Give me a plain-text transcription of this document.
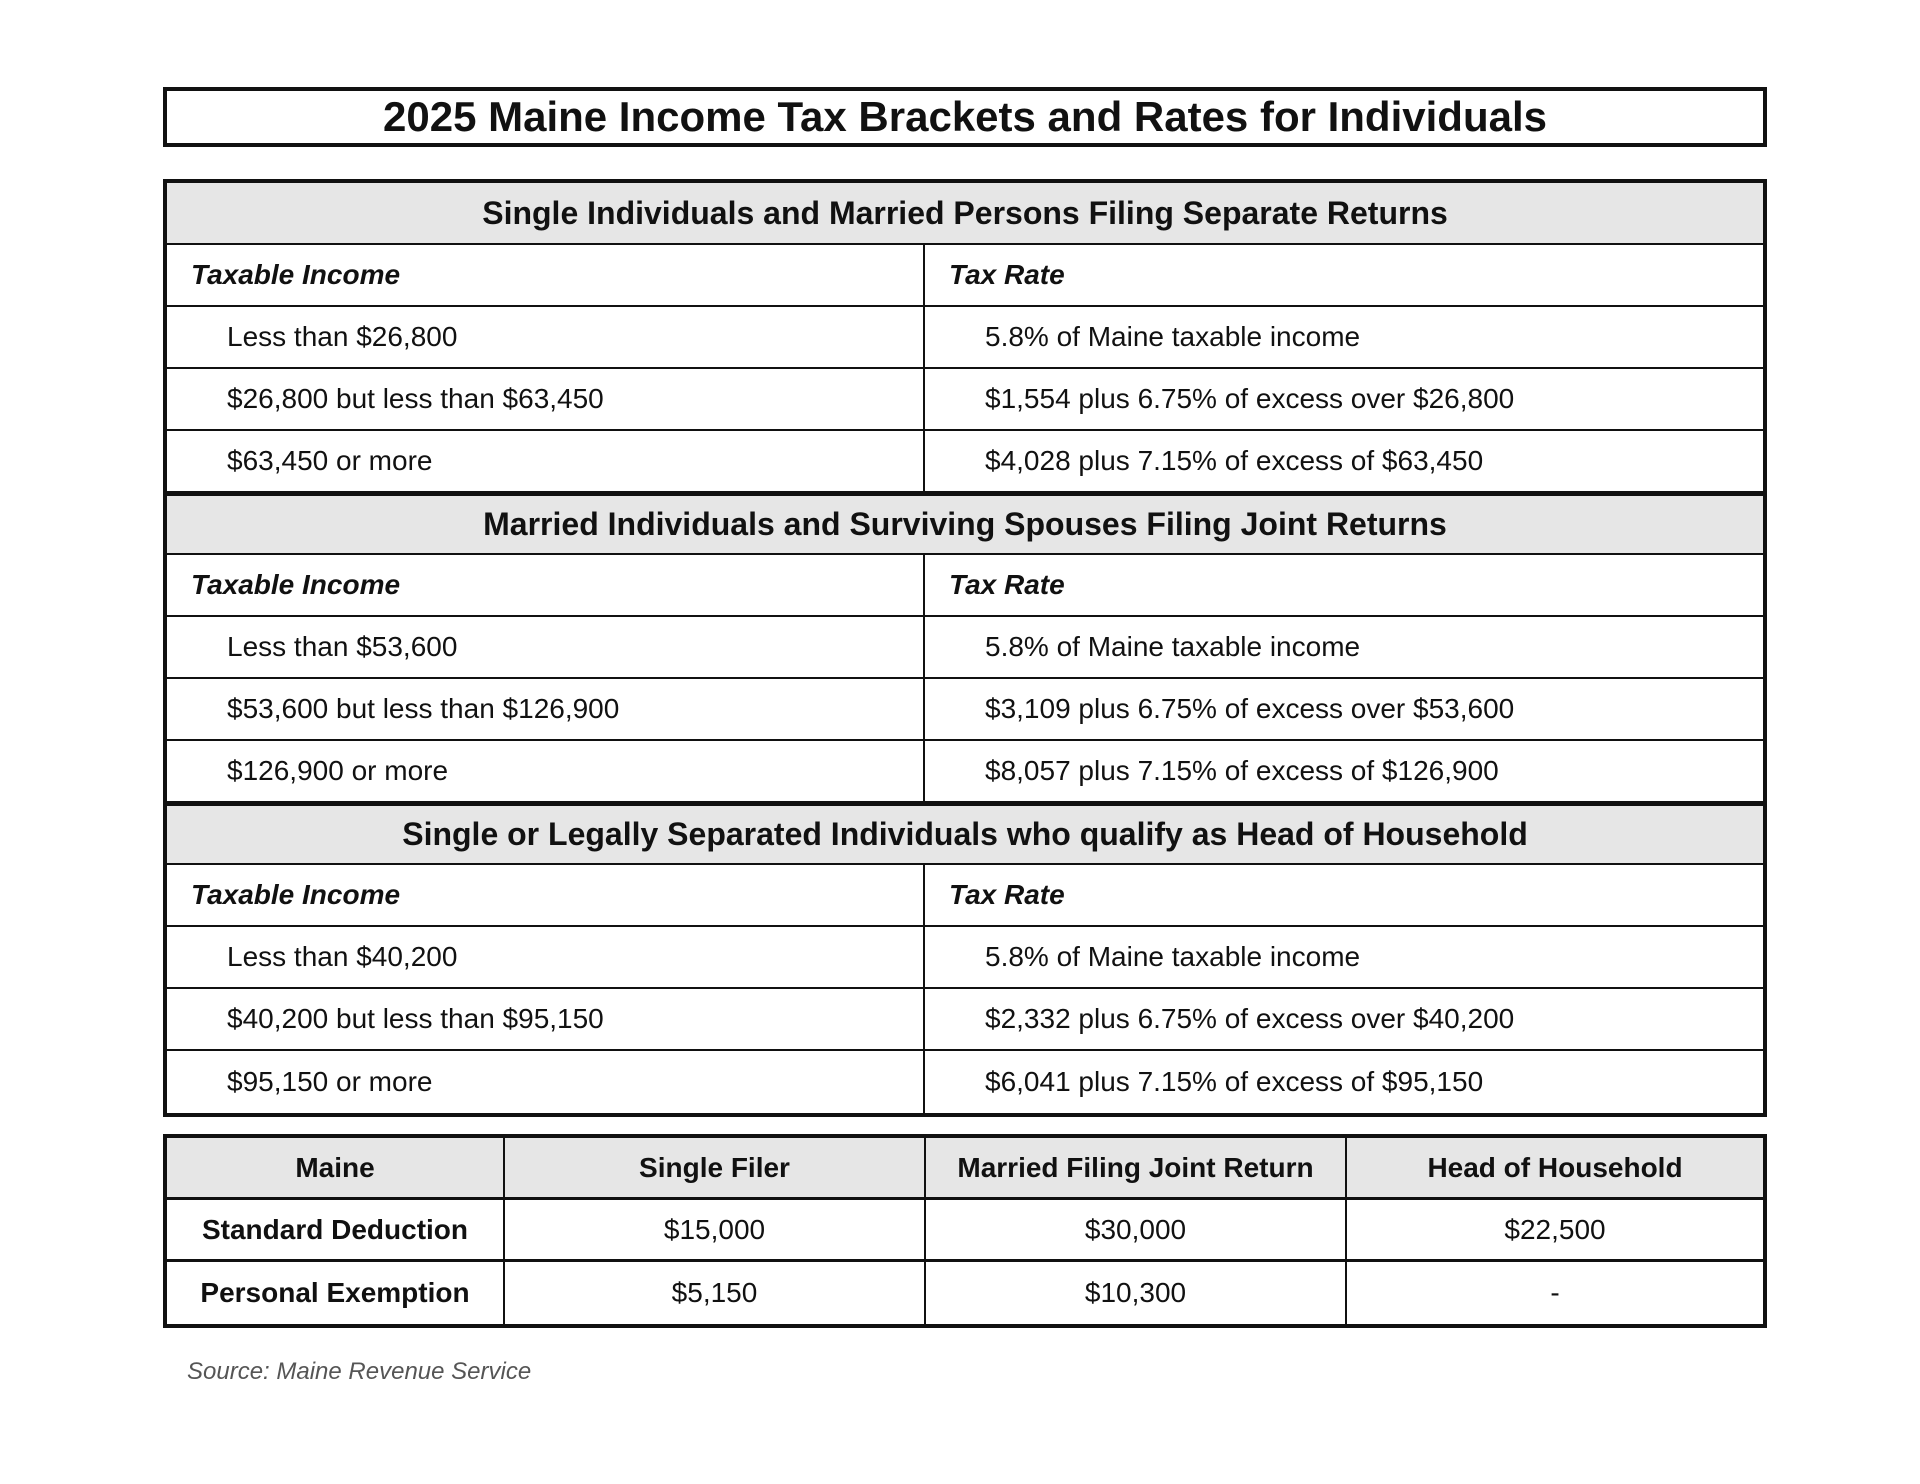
2025 Maine Income Tax Brackets and Rates for Individuals
Single Individuals and Married Persons Filing Separate Returns
Taxable Income	Tax Rate
Less than $26,800	5.8% of Maine taxable income
$26,800 but less than $63,450	$1,554 plus 6.75% of excess over $26,800
$63,450 or more	$4,028 plus 7.15% of excess of $63,450
Married Individuals and Surviving Spouses Filing Joint Returns
Taxable Income	Tax Rate
Less than $53,600	5.8% of Maine taxable income
$53,600 but less than $126,900	$3,109 plus 6.75% of excess over $53,600
$126,900 or more	$8,057 plus 7.15% of excess of $126,900
Single or Legally Separated Individuals who qualify as Head of Household
Taxable Income	Tax Rate
Less than $40,200	5.8% of Maine taxable income
$40,200 but less than $95,150	$2,332 plus 6.75% of excess over $40,200
$95,150 or more	$6,041 plus 7.15% of excess of $95,150
Maine	Single Filer	Married Filing Joint Return	Head of Household
Standard Deduction	$15,000	$30,000	$22,500
Personal Exemption	$5,150	$10,300	-
Source: Maine Revenue Service
